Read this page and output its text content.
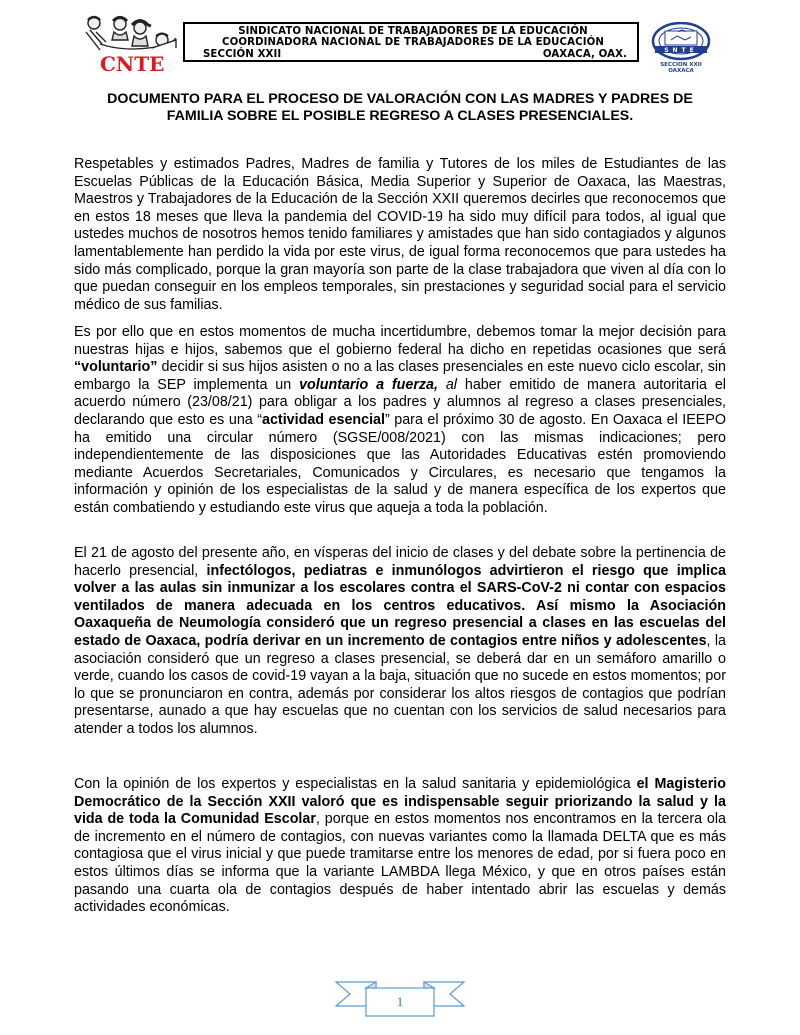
CNTE
SINDICATO NACIONAL DE TRABAJADORES DE LA EDUCACIÓN
COORDINADORA NACIONAL DE TRABAJADORES DE LA EDUCACIÓN
SECCIÓN XXII	OAXACA, OAX.	SNTE
SECCION XXII
OAXACA
DOCUMENTO PARA EL PROCESO DE VALORACIÓN CON LAS MADRES Y PADRES DE
FAMILIA SOBRE EL POSIBLE REGRESO A CLASES PRESENCIALES.
Respetables y estimados Padres, Madres de familia y Tutores de los miles de Estudiantes de las Escuelas Públicas de la Educación Básica, Media Superior y Superior de Oaxaca, las Maestras, Maestros y Trabajadores de la Educación de la Sección XXII queremos decirles que reconocemos que en estos 18 meses que lleva la pandemia del COVID-19 ha sido muy difícil para todos, al igual que ustedes muchos de nosotros hemos tenido familiares y amistades que han sido contagiados y algunos lamentablemente han perdido la vida por este virus, de igual forma reconocemos que para ustedes ha sido más complicado, porque la gran mayoría son parte de la clase trabajadora que viven al día con lo que puedan conseguir en los empleos temporales, sin prestaciones y seguridad social para el servicio médico de sus familias.
Es por ello que en estos momentos de mucha incertidumbre, debemos tomar la mejor decisión para nuestras hijas e hijos, sabemos que el gobierno federal ha dicho en repetidas ocasiones que será “voluntario” decidir si sus hijos asisten o no a las clases presenciales en este nuevo ciclo escolar, sin embargo la SEP implementa un voluntario a fuerza, al haber emitido de manera autoritaria el acuerdo número (23/08/21) para obligar a los padres y alumnos al regreso a clases presenciales, declarando que esto es una “actividad esencial” para el próximo 30 de agosto. En Oaxaca el IEEPO ha emitido una circular número (SGSE/008/2021) con las mismas indicaciones; pero independientemente de las disposiciones que las Autoridades Educativas estén promoviendo mediante Acuerdos Secretariales, Comunicados y Circulares, es necesario que tengamos la información y opinión de los especialistas de la salud y de manera específica de los expertos que están combatiendo y estudiando este virus que aqueja a toda la población.
El 21 de agosto del presente año, en vísperas del inicio de clases y del debate sobre la pertinencia de hacerlo presencial, infectólogos, pediatras e inmunólogos advirtieron el riesgo que implica volver a las aulas sin inmunizar a los escolares contra el SARS-CoV-2 ni contar con espacios ventilados de manera adecuada en los centros educativos. Así mismo la Asociación Oaxaqueña de Neumología consideró que un regreso presencial a clases en las escuelas del estado de Oaxaca, podría derivar en un incremento de contagios entre niños y adolescentes, la asociación consideró que un regreso a clases presencial, se deberá dar en un semáforo amarillo o verde, cuando los casos de covid-19 vayan a la baja, situación que no sucede en estos momentos; por lo que se pronunciaron en contra, además por considerar los altos riesgos de contagios que podrían presentarse, aunado a que hay escuelas que no cuentan con los servicios de salud necesarios para atender a todos los alumnos.
Con la opinión de los expertos y especialistas en la salud sanitaria y epidemiológica el Magisterio Democrático de la Sección XXII valoró que es indispensable seguir priorizando la salud y la vida de toda la Comunidad Escolar, porque en estos momentos nos encontramos en la tercera ola de incremento en el número de contagios, con nuevas variantes como la llamada DELTA que es más contagiosa que el virus inicial y que puede tramitarse entre los menores de edad, por si fuera poco en estos últimos días se informa que la variante LAMBDA llega México, y que en otros países están pasando una cuarta ola de contagios después de haber intentado abrir las escuelas y demás actividades económicas.
1
